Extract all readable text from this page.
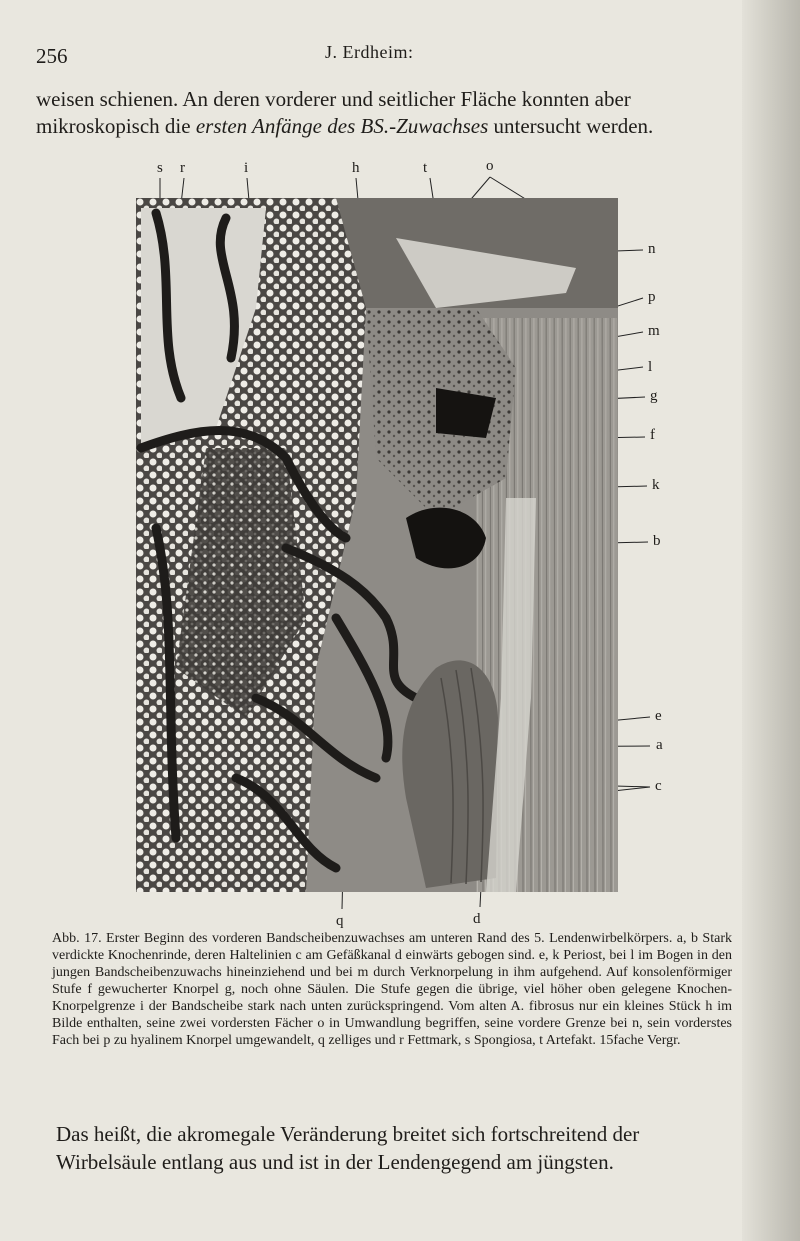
256	J. Erdheim:

weisen schienen. An deren vorderer und seitlicher Fläche konnten aber

mikroskopisch die ersten Anfänge des BS.-Zuwachses untersucht werden.

s r	i	h	t	o
n
p
m
l
g
f
k
b
e
a
c
q	d

Abb. 17. Erster Beginn des vorderen Bandscheibenzuwachses am unteren Rand des 5. Lendenwirbelkörpers. a, b Stark verdickte Knochenrinde, deren Haltelinien c am Gefäßkanal d einwärts gebogen sind. e, k Periost, bei l im Bogen in den jungen Bandscheibenzuwachs hineinziehend und bei m durch Verknorpelung in ihm aufgehend. Auf konsolenförmiger Stufe f gewucherter Knorpel g, noch ohne Säulen. Die Stufe gegen die übrige, viel höher oben gelegene Knochen-Knorpelgrenze i der Bandscheibe stark nach unten zurückspringend. Vom alten A. fibrosus nur ein kleines Stück h im Bilde enthalten, seine zwei vordersten Fächer o in Umwandlung begriffen, seine vordere Grenze bei n, sein vorderstes Fach bei p zu hyalinem Knorpel umgewandelt, q zelliges und r Fettmark, s Spongiosa, t Artefakt. 15fache Vergr.

Das heißt, die akromegale Veränderung breitet sich fortschreitend der Wirbelsäule entlang aus und ist in der Lendengegend am jüngsten.
